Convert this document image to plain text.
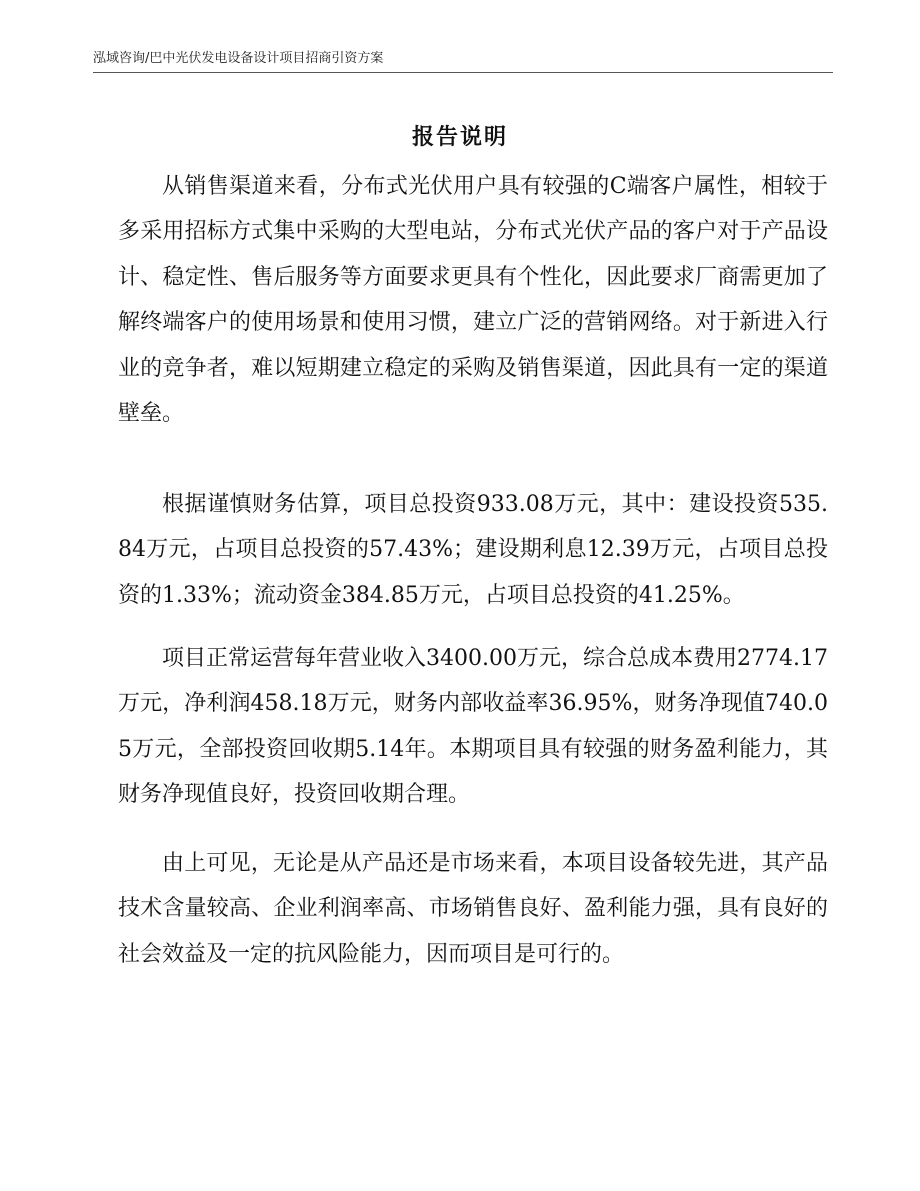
泓域咨询/巴中光伏发电设备设计项目招商引资方案
报告说明

从销售渠道来看，分布式光伏用户具有较强的C端客户属性，相较于多采用招标方式集中采购的大型电站，分布式光伏产品的客户对于产品设计、稳定性、售后服务等方面要求更具有个性化，因此要求厂商需更加了解终端客户的使用场景和使用习惯，建立广泛的营销网络。对于新进入行业的竞争者，难以短期建立稳定的采购及销售渠道，因此具有一定的渠道壁垒。

根据谨慎财务估算，项目总投资933.08万元，其中：建设投资535.84万元，占项目总投资的57.43%；建设期利息12.39万元，占项目总投资的1.33%；流动资金384.85万元，占项目总投资的41.25%。

项目正常运营每年营业收入3400.00万元，综合总成本费用2774.17万元，净利润458.18万元，财务内部收益率36.95%，财务净现值740.05万元，全部投资回收期5.14年。本期项目具有较强的财务盈利能力，其财务净现值良好，投资回收期合理。

由上可见，无论是从产品还是市场来看，本项目设备较先进，其产品技术含量较高、企业利润率高、市场销售良好、盈利能力强，具有良好的社会效益及一定的抗风险能力，因而项目是可行的。
